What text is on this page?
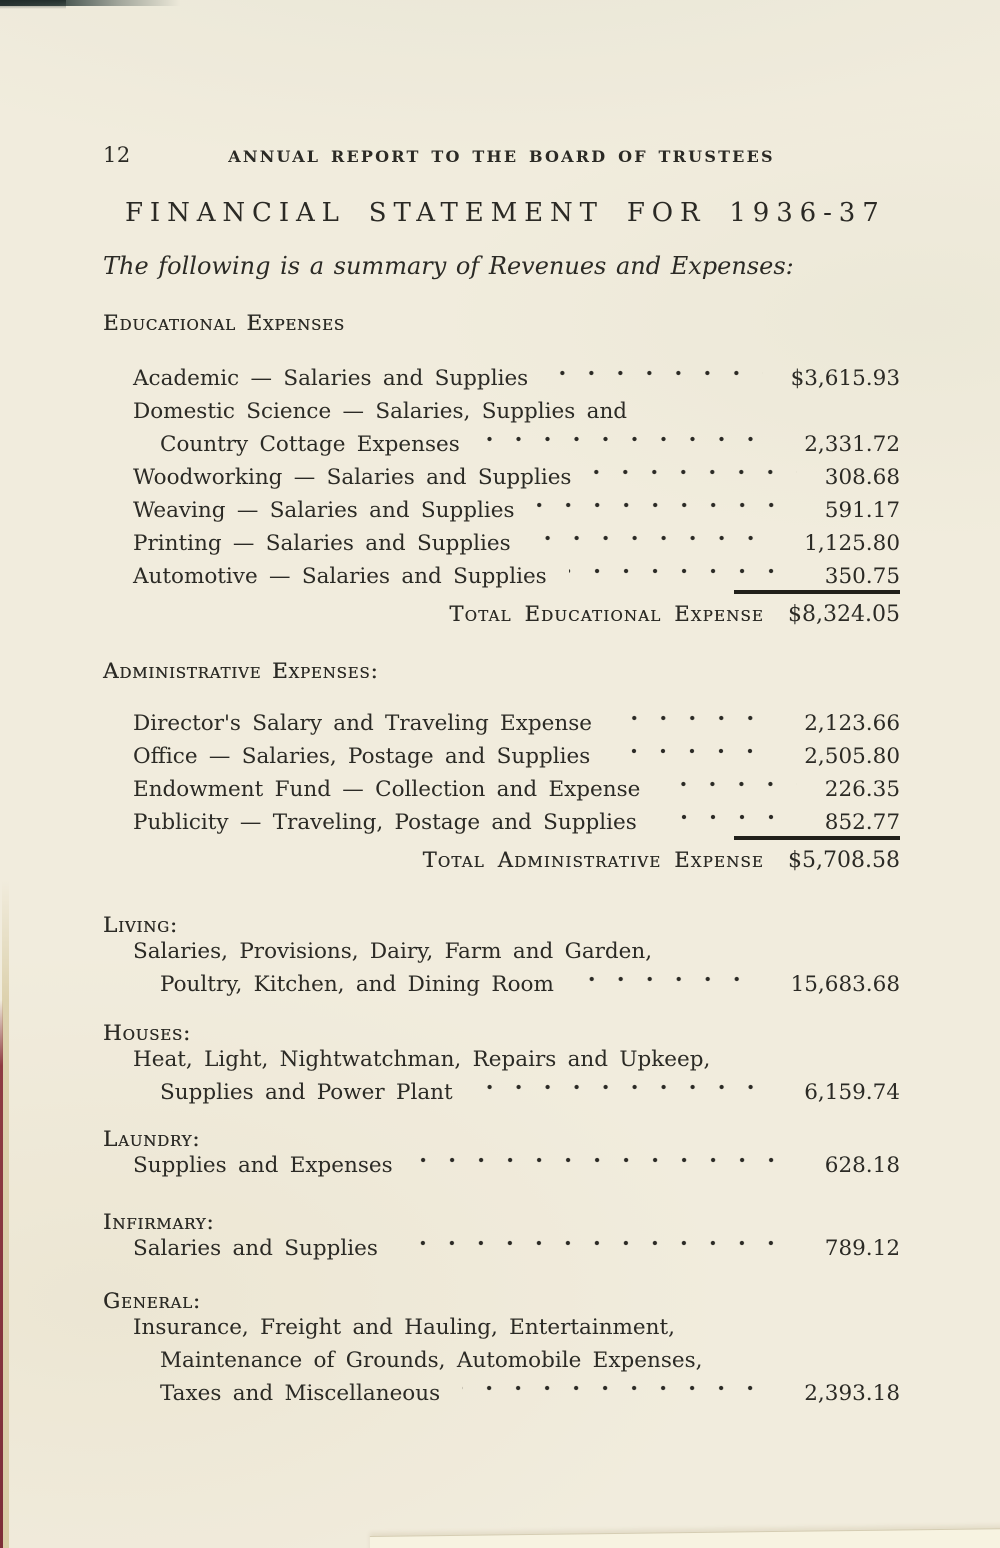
12	ANNUAL REPORT TO THE BOARD OF TRUSTEES
FINANCIAL STATEMENT FOR 1936-37
The following is a summary of Revenues and Expenses:
Educational Expenses
Academic — Salaries and Supplies	$3,615.93
Domestic Science — Salaries, Supplies and
Country Cottage Expenses	2,331.72
Woodworking — Salaries and Supplies	308.68
Weaving — Salaries and Supplies	591.17
Printing — Salaries and Supplies	1,125.80
Automotive — Salaries and Supplies	350.75
Total Educational Expense $8,324.05
Administrative Expenses:
Director's Salary and Traveling Expense	2,123.66
Office — Salaries, Postage and Supplies	2,505.80
Endowment Fund — Collection and Expense	226.35
Publicity — Traveling, Postage and Supplies	852.77
Total Administrative Expense $5,708.58
Living:
Salaries, Provisions, Dairy, Farm and Garden,
Poultry, Kitchen, and Dining Room	15,683.68
Houses:
Heat, Light, Nightwatchman, Repairs and Upkeep,
Supplies and Power Plant	6,159.74
Laundry:
Supplies and Expenses	628.18
Infirmary:
Salaries and Supplies	789.12
General:
Insurance, Freight and Hauling, Entertainment,
Maintenance of Grounds, Automobile Expenses,
Taxes and Miscellaneous	2,393.18
